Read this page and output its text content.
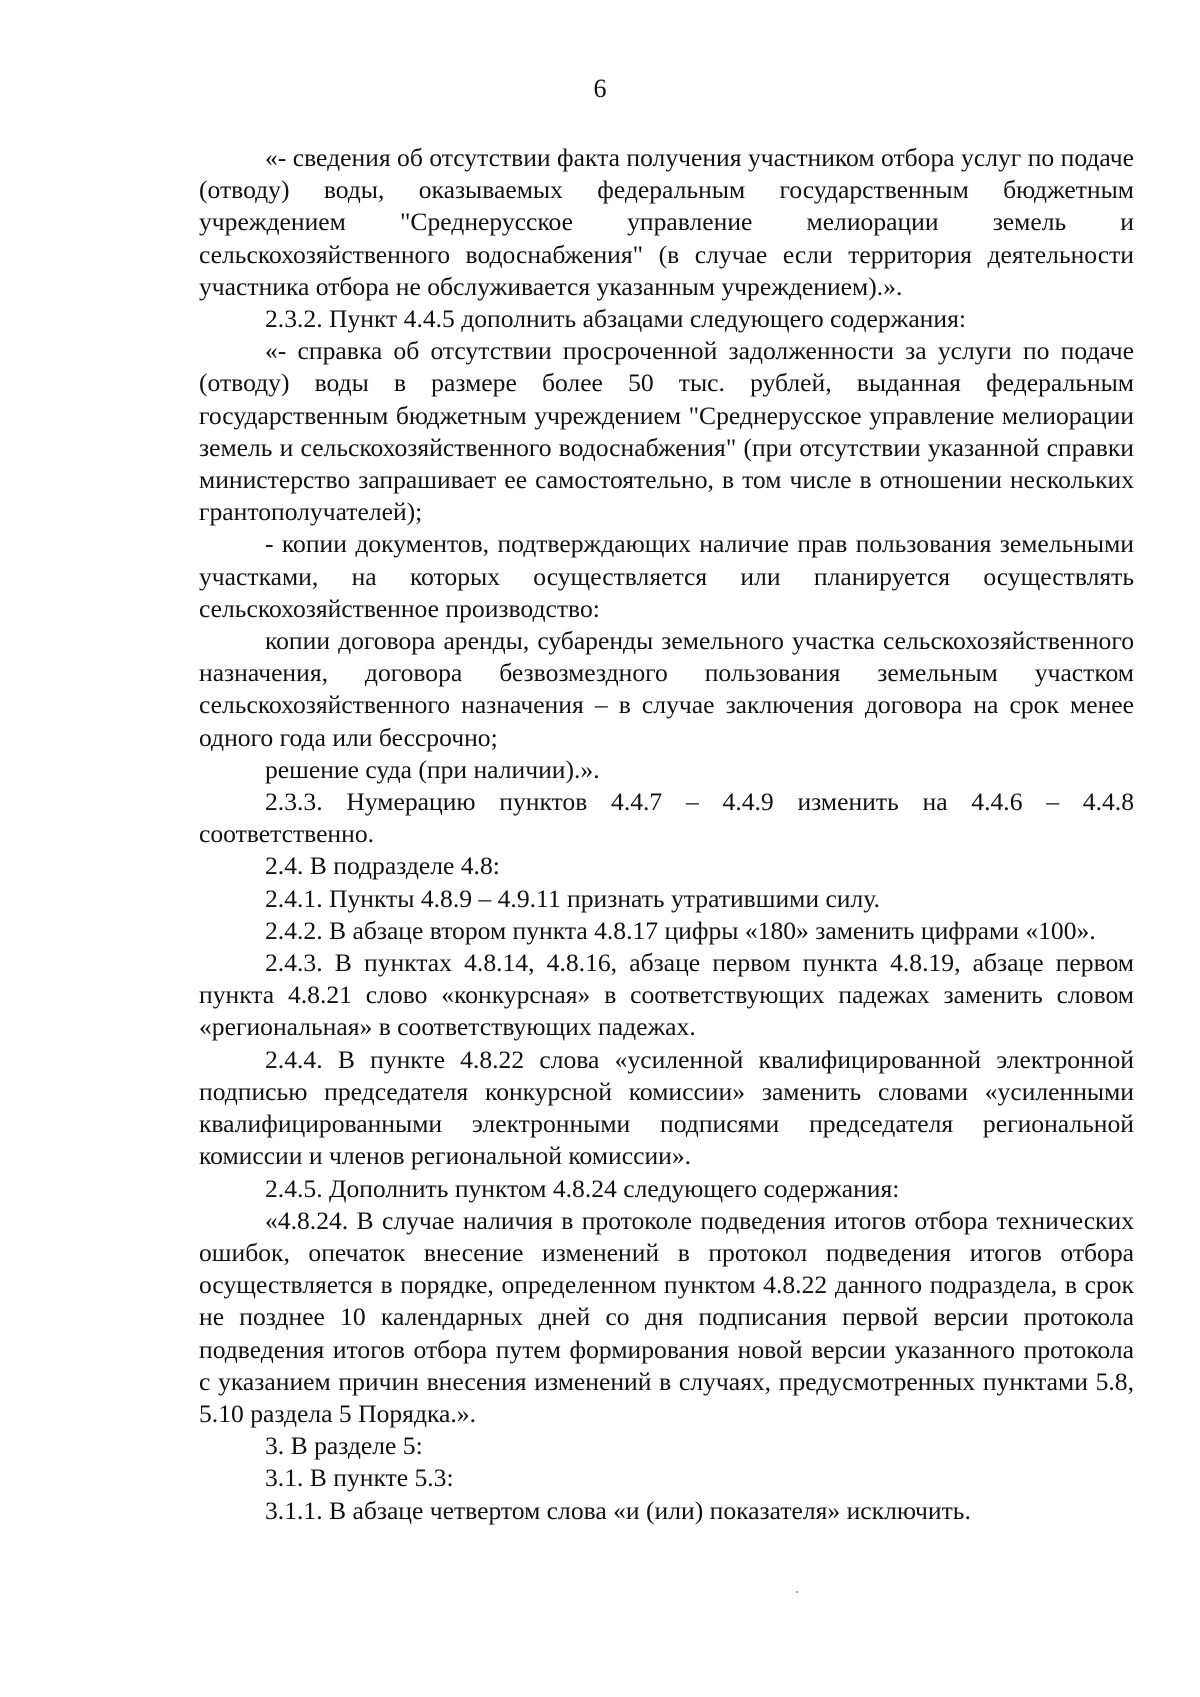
6

«- сведения об отсутствии факта получения участником отбора услуг по подаче (отводу) воды, оказываемых федеральным государственным бюджетным учреждением "Среднерусское управление мелиорации земель и сельскохозяйственного водоснабжения" (в случае если территория деятельности участника отбора не обслуживается указанным учреждением).».

2.3.2. Пункт 4.4.5 дополнить абзацами следующего содержания:

«- справка об отсутствии просроченной задолженности за услуги по подаче (отводу) воды в размере более 50 тыс. рублей, выданная федеральным государственным бюджетным учреждением "Среднерусское управление мелиорации земель и сельскохозяйственного водоснабжения" (при отсутствии указанной справки министерство запрашивает ее самостоятельно, в том числе в отношении нескольких грантополучателей);

- копии документов, подтверждающих наличие прав пользования земельными участками, на которых осуществляется или планируется осуществлять сельскохозяйственное производство:

копии договора аренды, субаренды земельного участка сельскохозяйственного назначения, договора безвозмездного пользования земельным участком сельскохозяйственного назначения – в случае заключения договора на срок менее одного года или бессрочно;

решение суда (при наличии).».

2.3.3. Нумерацию пунктов 4.4.7 – 4.4.9 изменить на 4.4.6 – 4.4.8 соответственно.

2.4. В подразделе 4.8:

2.4.1. Пункты 4.8.9 – 4.9.11 признать утратившими силу.

2.4.2. В абзаце втором пункта 4.8.17 цифры «180» заменить цифрами «100».

2.4.3. В пунктах 4.8.14, 4.8.16, абзаце первом пункта 4.8.19, абзаце первом пункта 4.8.21 слово «конкурсная» в соответствующих падежах заменить словом «региональная» в соответствующих падежах.

2.4.4. В пункте 4.8.22 слова «усиленной квалифицированной электронной подписью председателя конкурсной комиссии» заменить словами «усиленными квалифицированными электронными подписями председателя региональной комиссии и членов региональной комиссии».

2.4.5. Дополнить пунктом 4.8.24 следующего содержания:

«4.8.24. В случае наличия в протоколе подведения итогов отбора технических ошибок, опечаток внесение изменений в протокол подведения итогов отбора осуществляется в порядке, определенном пунктом 4.8.22 данного подраздела, в срок не позднее 10 календарных дней со дня подписания первой версии протокола подведения итогов отбора путем формирования новой версии указанного протокола с указанием причин внесения изменений в случаях, предусмотренных пунктами 5.8, 5.10 раздела 5 Порядка.».

3. В разделе 5:

3.1. В пункте 5.3:

3.1.1. В абзаце четвертом слова «и (или) показателя» исключить.
